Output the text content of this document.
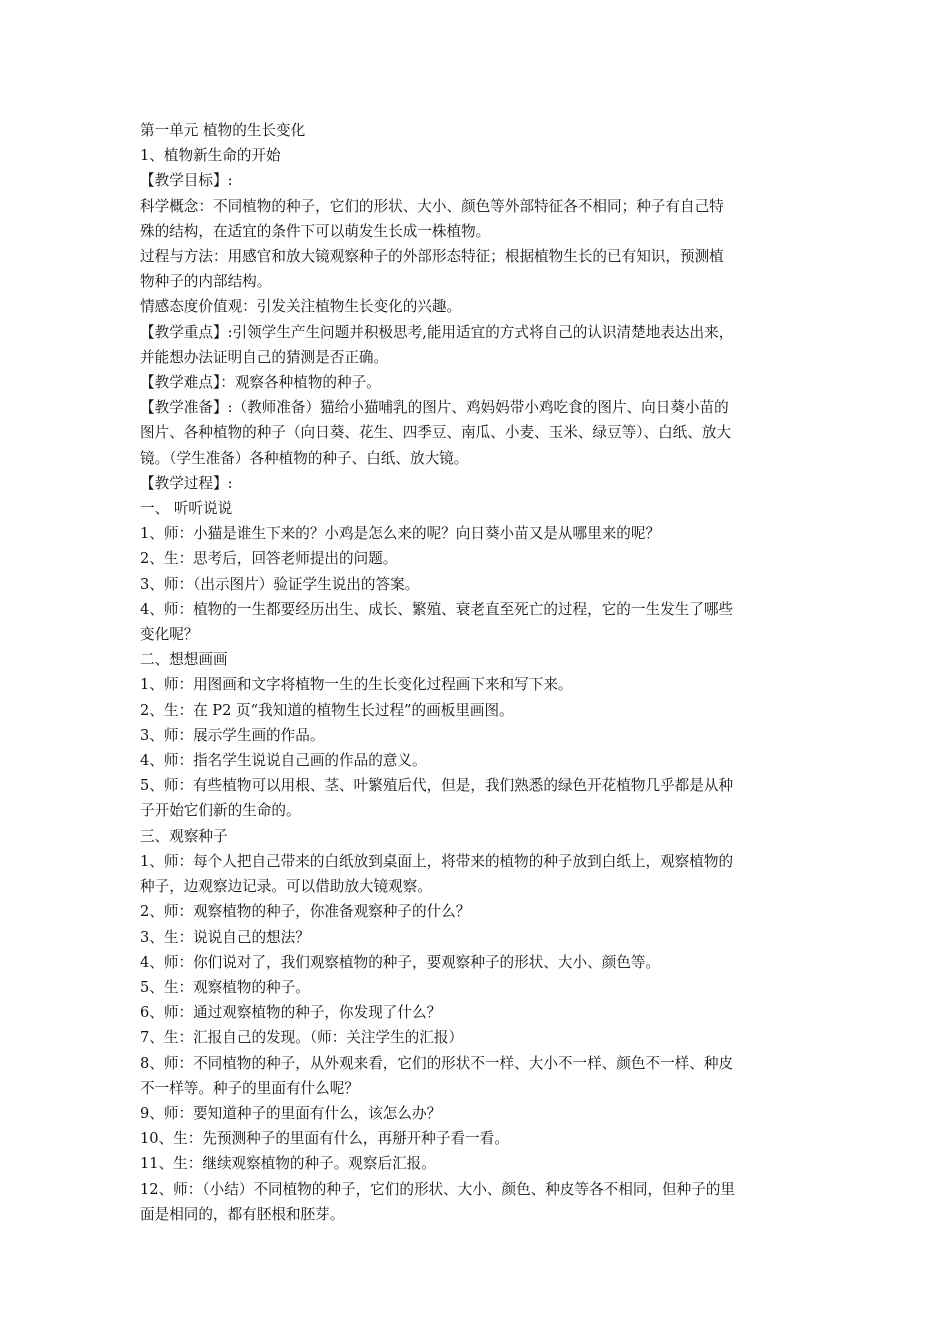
第一单元 植物的生长变化
1、植物新生命的开始
【教学目标】:
科学概念：不同植物的种子，它们的形状、大小、颜色等外部特征各不相同；种子有自己特
殊的结构，在适宜的条件下可以萌发生长成一株植物。
过程与方法：用感官和放大镜观察种子的外部形态特征；根据植物生长的已有知识，预测植
物种子的内部结构。
情感态度价值观：引发关注植物生长变化的兴趣。
【教学重点】:引领学生产生问题并积极思考,能用适宜的方式将自己的认识清楚地表达出来，
并能想办法证明自己的猜测是否正确。
【教学难点】：观察各种植物的种子。
【教学准备】:（教师准备）猫给小猫哺乳的图片、鸡妈妈带小鸡吃食的图片、向日葵小苗的
图片、各种植物的种子（向日葵、花生、四季豆、南瓜、小麦、玉米、绿豆等）、白纸、放大
镜。（学生准备）各种植物的种子、白纸、放大镜。
【教学过程】:
一、 听听说说
1、师：小猫是谁生下来的？小鸡是怎么来的呢？向日葵小苗又是从哪里来的呢？
2、生：思考后，回答老师提出的问题。
3、师：（出示图片）验证学生说出的答案。
4、师：植物的一生都要经历出生、成长、繁殖、衰老直至死亡的过程，它的一生发生了哪些
变化呢？
二、想想画画
1、师：用图画和文字将植物一生的生长变化过程画下来和写下来。
2、生：在 P2 页“我知道的植物生长过程”的画板里画图。
3、师：展示学生画的作品。
4、师：指名学生说说自己画的作品的意义。
5、师：有些植物可以用根、茎、叶繁殖后代，但是，我们熟悉的绿色开花植物几乎都是从种
子开始它们新的生命的。
三、观察种子
1、师：每个人把自己带来的白纸放到桌面上，将带来的植物的种子放到白纸上，观察植物的
种子，边观察边记录。可以借助放大镜观察。
2、师：观察植物的种子，你准备观察种子的什么？
3、生：说说自己的想法？
4、师：你们说对了，我们观察植物的种子，要观察种子的形状、大小、颜色等。
5、生：观察植物的种子。
6、师：通过观察植物的种子，你发现了什么？
7、生：汇报自己的发现。（师：关注学生的汇报）
8、师：不同植物的种子，从外观来看，它们的形状不一样、大小不一样、颜色不一样、种皮
不一样等。种子的里面有什么呢？
9、师：要知道种子的里面有什么，该怎么办？
10、生：先预测种子的里面有什么，再掰开种子看一看。
11、生：继续观察植物的种子。观察后汇报。
12、师：（小结）不同植物的种子，它们的形状、大小、颜色、种皮等各不相同，但种子的里
面是相同的，都有胚根和胚芽。
